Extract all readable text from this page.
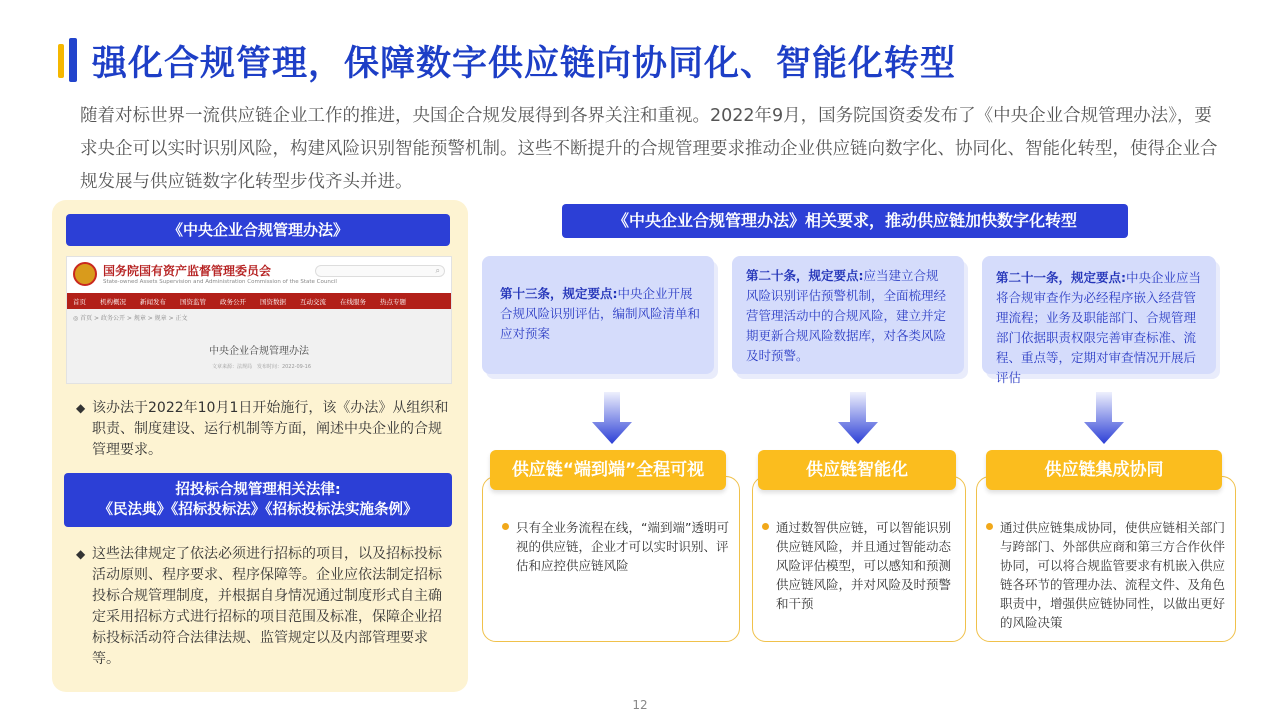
强化合规管理，保障数字供应链向协同化、智能化转型

随着对标世界一流供应链企业工作的推进，央国企合规发展得到各界关注和重视。2022年9月，国务院国资委发布了《中央企业合规管理办法》，要求央企可以实时识别风险，构建风险识别智能预警机制。这些不断提升的合规管理要求推动企业供应链向数字化、协同化、智能化转型，使得企业合规发展与供应链数字化转型步伐齐头并进。

《中央企业合规管理办法》
国务院国有资产监督管理委员会
State-owned Assets Supervision and Administration Commission of the State Council
⌕
首页 机构概况 新闻发布 国资监管 政务公开 国资数据 互动交流 在线服务 热点专题
◎ 首页 > 政务公开 > 规章 > 规章 > 正文
中央企业合规管理办法
文章来源：法规局　发布时间：2022-09-16
◆ 该办法于2022年10月1日开始施行，该《办法》从组织和职责、制度建设、运行机制等方面，阐述中央企业的合规管理要求。
招投标合规管理相关法律:
《民法典》《招标投标法》《招标投标法实施条例》
◆ 这些法律规定了依法必须进行招标的项目，以及招标投标活动原则、程序要求、程序保障等。企业应依法制定招标投标合规管理制度，并根据自身情况通过制度形式自主确定采用招标方式进行招标的项目范围及标准，保障企业招标投标活动符合法律法规、监管规定以及内部管理要求等。
《中央企业合规管理办法》相关要求，推动供应链加快数字化转型
第十三条，规定要点:中央企业开展合规风险识别评估，编制风险清单和应对预案
第二十条，规定要点:应当建立合规风险识别评估预警机制，全面梳理经营管理活动中的合规风险，建立并定期更新合规风险数据库，对各类风险及时预警。
第二十一条，规定要点:中央企业应当将合规审查作为必经程序嵌入经营管理流程；业务及职能部门、合规管理部门依据职责权限完善审查标准、流程、重点等，定期对审查情况开展后评估
供应链“端到端”全程可视	供应链智能化	供应链集成协同
只有全业务流程在线，“端到端”透明可视的供应链，企业才可以实时识别、评估和应控供应链风险
通过数智供应链，可以智能识别供应链风险，并且通过智能动态风险评估模型，可以感知和预测供应链风险，并对风险及时预警和干预
通过供应链集成协同，使供应链相关部门与跨部门、外部供应商和第三方合作伙伴协同，可以将合规监管要求有机嵌入供应链各环节的管理办法、流程文件、及角色职责中，增强供应链协同性，以做出更好的风险决策
12
